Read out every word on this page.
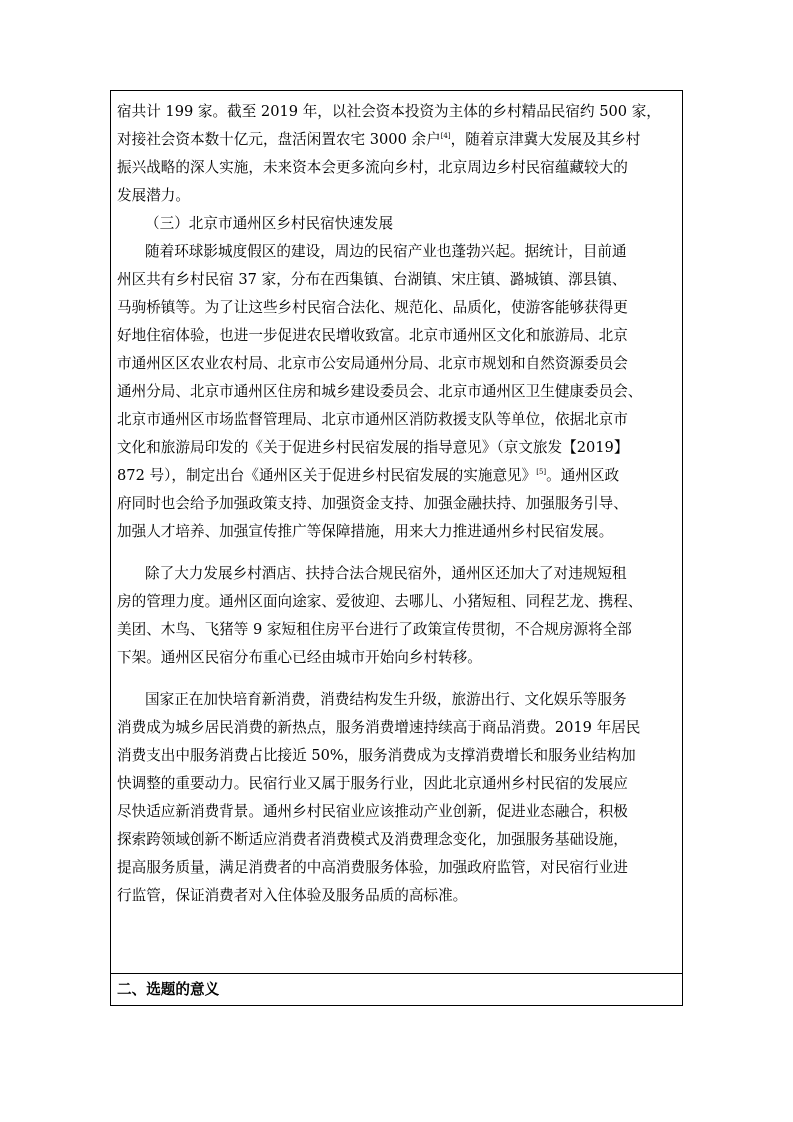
宿共计 199 家。截至 2019 年，以社会资本投资为主体的乡村精品民宿约 500 家，
对接社会资本数十亿元，盘活闲置农宅 3000 余户[4]，随着京津冀大发展及其乡村
振兴战略的深人实施，未来资本会更多流向乡村，北京周边乡村民宿蕴藏较大的
发展潜力。
（三）北京市通州区乡村民宿快速发展
随着环球影城度假区的建设，周边的民宿产业也蓬勃兴起。据统计，目前通
州区共有乡村民宿 37 家，分布在西集镇、台湖镇、宋庄镇、潞城镇、漷县镇、
马驹桥镇等。为了让这些乡村民宿合法化、规范化、品质化，使游客能够获得更
好地住宿体验，也进一步促进农民增收致富。北京市通州区文化和旅游局、北京
市通州区区农业农村局、北京市公安局通州分局、北京市规划和自然资源委员会
通州分局、北京市通州区住房和城乡建设委员会、北京市通州区卫生健康委员会、
北京市通州区市场监督管理局、北京市通州区消防救援支队等单位，依据北京市
文化和旅游局印发的《关于促进乡村民宿发展的指导意见》（京文旅发【2019】
872 号），制定出台《通州区关于促进乡村民宿发展的实施意见》[5]。通州区政
府同时也会给予加强政策支持、加强资金支持、加强金融扶持、加强服务引导、
加强人才培养、加强宣传推广等保障措施，用来大力推进通州乡村民宿发展。
除了大力发展乡村酒店、扶持合法合规民宿外，通州区还加大了对违规短租
房的管理力度。通州区面向途家、爱彼迎、去哪儿、小猪短租、同程艺龙、携程、
美团、木鸟、飞猪等 9 家短租住房平台进行了政策宣传贯彻，不合规房源将全部
下架。通州区民宿分布重心已经由城市开始向乡村转移。
国家正在加快培育新消费，消费结构发生升级，旅游出行、文化娱乐等服务
消费成为城乡居民消费的新热点，服务消费增速持续高于商品消费。2019 年居民
消费支出中服务消费占比接近 50%，服务消费成为支撑消费增长和服务业结构加
快调整的重要动力。民宿行业又属于服务行业，因此北京通州乡村民宿的发展应
尽快适应新消费背景。通州乡村民宿业应该推动产业创新，促进业态融合，积极
探索跨领域创新不断适应消费者消费模式及消费理念变化，加强服务基础设施，
提高服务质量，满足消费者的中高消费服务体验，加强政府监管，对民宿行业进
行监管，保证消费者对入住体验及服务品质的高标准。
二、选题的意义
